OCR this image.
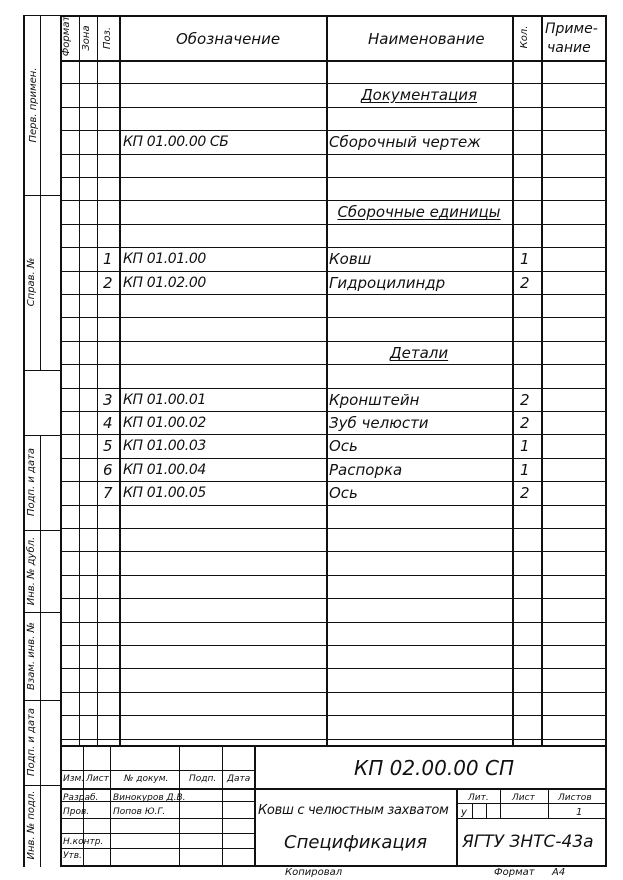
Перв. примен.
Справ. №
Подп. и дата
Инв. № дубл.
Взам. инв. №
Подп. и дата
Инв. № подл.
Формат Зона Поз.	Обозначение	Наименование	Кол. Приме-
чание
Документация
КП 01.00.00 СБ	Сборочный чертеж
Сборочные единицы
1 КП 01.01.00	Ковш	1
2 КП 01.02.00	Гидроцилиндр	2
Детали
3 КП 01.00.01	Кронштейн	2
4 КП 01.00.02	Зуб челюсти	2
5 КП 01.00.03	Ось	1
6 КП 01.00.04	Распорка	1
7 КП 01.00.05	Ось	2
КП 02.00.00 СП
Изм. Лист № докум. Подп. Дата
Разраб. Винокуров Д.В.
Пров.	Попов Ю.Г.
Н.контр.
Утв.
Ковш с челюстным захватом
Спецификация
Лит.	Лист	Листов
у	1
ЯГТУ ЗНТС-43а
Копировал	Формат А4
